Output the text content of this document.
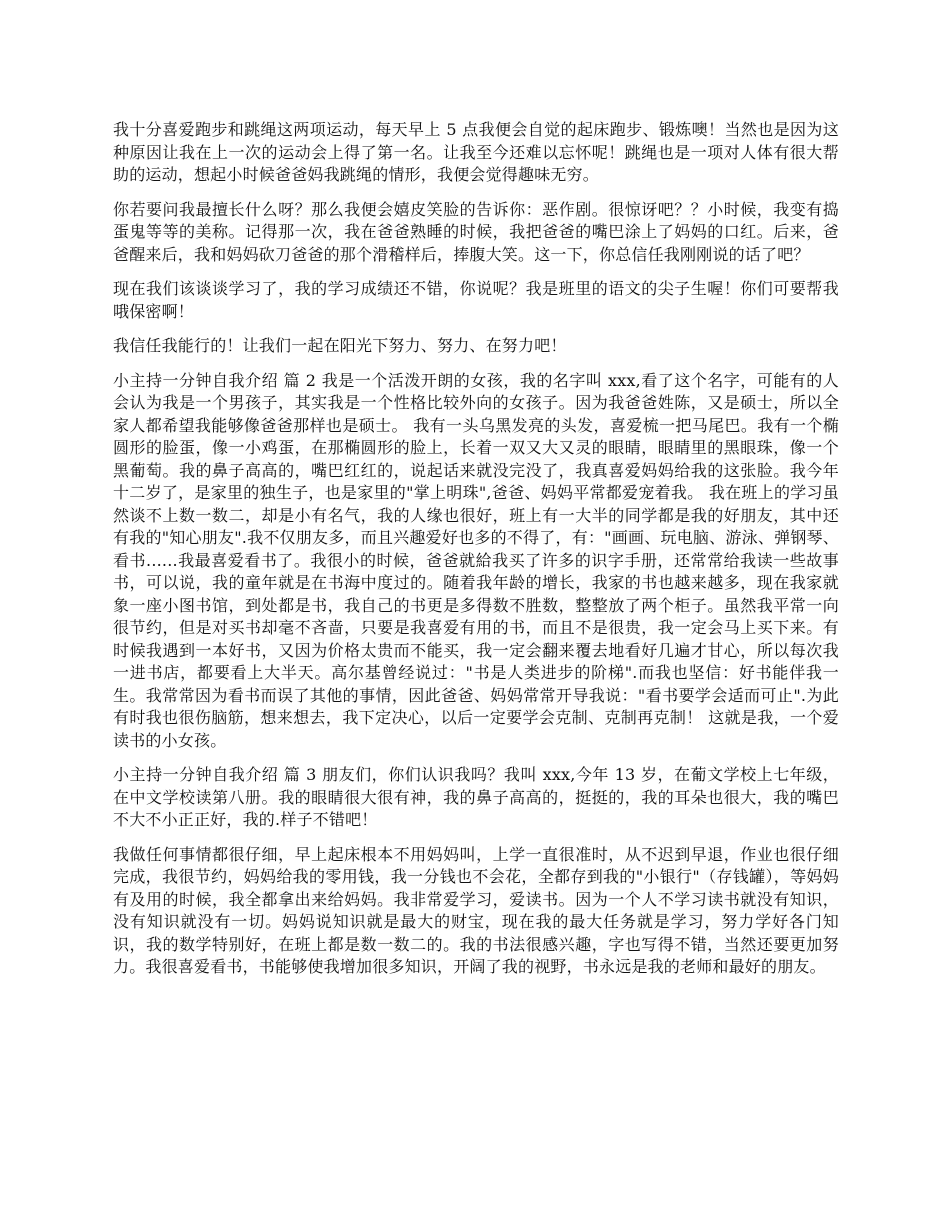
我十分喜爱跑步和跳绳这两项运动，每天早上 5 点我便会自觉的起床跑步、锻炼噢！当然也是因为这种原因让我在上一次的运动会上得了第一名。让我至今还难以忘怀呢！跳绳也是一项对人体有很大帮助的运动，想起小时候爸爸妈我跳绳的情形，我便会觉得趣味无穷。

你若要问我最擅长什么呀？那么我便会嬉皮笑脸的告诉你：恶作剧。很惊讶吧？？小时候，我变有捣蛋鬼等等的美称。记得那一次，我在爸爸熟睡的时候，我把爸爸的嘴巴涂上了妈妈的口红。后来，爸爸醒来后，我和妈妈砍刀爸爸的那个滑稽样后，捧腹大笑。这一下，你总信任我刚刚说的话了吧？

现在我们该谈谈学习了，我的学习成绩还不错，你说呢？我是班里的语文的尖子生喔！你们可要帮我哦保密啊！

我信任我能行的！让我们一起在阳光下努力、努力、在努力吧！

小主持一分钟自我介绍 篇 2 我是一个活泼开朗的女孩，我的名字叫 xxx,看了这个名字，可能有的人会认为我是一个男孩子，其实我是一个性格比较外向的女孩子。因为我爸爸姓陈，又是硕士，所以全家人都希望我能够像爸爸那样也是硕士。 我有一头乌黑发亮的头发，喜爱梳一把马尾巴。我有一个椭圆形的脸蛋，像一小鸡蛋，在那椭圆形的脸上，长着一双又大又灵的眼睛，眼睛里的黑眼珠，像一个黑葡萄。我的鼻子高高的，嘴巴红红的，说起话来就没完没了，我真喜爱妈妈给我的这张脸。我今年十二岁了，是家里的独生子，也是家里的"掌上明珠",爸爸、妈妈平常都爱宠着我。 我在班上的学习虽然谈不上数一数二，却是小有名气，我的人缘也很好，班上有一大半的同学都是我的好朋友，其中还有我的"知心朋友".我不仅朋友多，而且兴趣爱好也多的不得了，有："画画、玩电脑、游泳、弹钢琴、看书......我最喜爱看书了。我很小的时候，爸爸就給我买了许多的识字手册，还常常给我读一些故事书，可以说，我的童年就是在书海中度过的。随着我年龄的增长，我家的书也越来越多，现在我家就象一座小图书馆，到处都是书，我自己的书更是多得数不胜数，整整放了两个柜子。虽然我平常一向很节约，但是对买书却毫不吝啬，只要是我喜爱有用的书，而且不是很贵，我一定会马上买下来。有时候我遇到一本好书，又因为价格太贵而不能买，我一定会翻来覆去地看好几遍才甘心，所以每次我一进书店，都要看上大半天。高尔基曾经说过："书是人类进步的阶梯".而我也坚信：好书能伴我一生。我常常因为看书而误了其他的事情，因此爸爸、妈妈常常开导我说："看书要学会适而可止".为此有时我也很伤脑筋，想来想去，我下定决心，以后一定要学会克制、克制再克制！ 这就是我，一个爱读书的小女孩。

小主持一分钟自我介绍 篇 3 朋友们，你们认识我吗？我叫 xxx,今年 13 岁，在葡文学校上七年级，在中文学校读第八册。我的眼睛很大很有神，我的鼻子高高的，挺挺的，我的耳朵也很大，我的嘴巴不大不小正正好，我的.样子不错吧！

我做任何事情都很仔细，早上起床根本不用妈妈叫，上学一直很准时，从不迟到早退，作业也很仔细完成，我很节约，妈妈给我的零用钱，我一分钱也不会花，全都存到我的"小银行"（存钱罐），等妈妈有及用的时候，我全都拿出来给妈妈。我非常爱学习，爱读书。因为一个人不学习读书就没有知识，没有知识就没有一切。妈妈说知识就是最大的财宝，现在我的最大任务就是学习，努力学好各门知识，我的数学特别好，在班上都是数一数二的。我的书法很感兴趣，字也写得不错，当然还要更加努力。我很喜爱看书，书能够使我增加很多知识，开阔了我的视野，书永远是我的老师和最好的朋友。
